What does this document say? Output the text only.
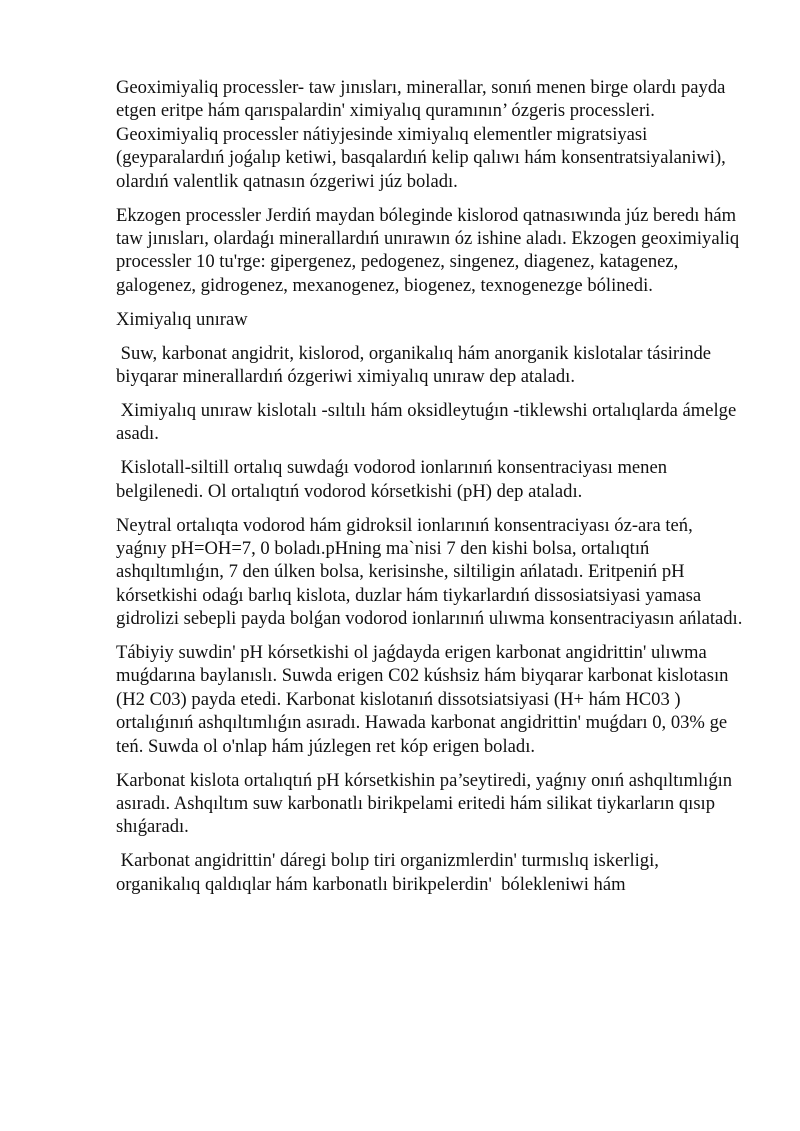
Geoximiyaliq processler- taw jınısları, minerallar, sonıń menen birge olardı payda etgen eritpe hám qarıspalardin' ximiyalıq quramının’ ózgeris processleri. Geoximiyaliq processler nátiyjesinde ximiyalıq elementler migratsiyasi (geyparalardıń joǵalıp ketiwi, basqalardıń kelip qalıwı hám konsentratsiyalaniwi), olardıń valentlik qatnasın ózgeriwi júz boladı.

Ekzogen processler Jerdiń maydan bóleginde kislorod qatnasıwında júz beredı hám taw jınısları, olardaǵı minerallardıń unırawın óz ishine aladı. Ekzogen geoximiyaliq processler 10 tu'rge: gipergenez, pedogenez, singenez, diagenez, katagenez, galogenez, gidrogenez, mexanogenez, biogenez, texnogenezge bólinedi.

Ximiyalıq unıraw

Suw, karbonat angidrit, kislorod, organikalıq hám anorganik kislotalar tásirinde biyqarar minerallardıń ózgeriwi ximiyalıq unıraw dep ataladı.

Ximiyalıq unıraw kislotalı -sıltılı hám oksidleytuǵın -tiklewshi ortalıqlarda ámelge asadı.

Kislotall-siltill ortalıq suwdaǵı vodorod ionlarınıń konsentraciyası menen belgilenedi. Ol ortalıqtıń vodorod kórsetkishi (pH) dep ataladı.

Neytral ortalıqta vodorod hám gidroksil ionlarınıń konsentraciyası óz-ara teń, yaǵnıy pH=OH=7, 0 boladı.pHning ma`nisi 7 den kishi bolsa, ortalıqtıń ashqıltımlıǵın, 7 den úlken bolsa, kerisinshe, siltiligin ańlatadı. Eritpeniń pH kórsetkishi odaǵı barlıq kislota, duzlar hám tiykarlardıń dissosiatsiyasi yamasa gidrolizi sebepli payda bolǵan vodorod ionlarınıń ulıwma konsentraciyasın ańlatadı.

Tábiyiy suwdin' pH kórsetkishi ol jaǵdayda erigen karbonat angidrittin' ulıwma muǵdarına baylanıslı. Suwda erigen C02 kúshsiz hám biyqarar karbonat kislotasın (H2 C03) payda etedi. Karbonat kislotanıń dissotsiatsiyasi (H+ hám HC03 ) ortalıǵınıń ashqıltımlıǵın asıradı. Hawada karbonat angidrittin' muǵdarı 0, 03% ge teń. Suwda ol o'nlap hám júzlegen ret kóp erigen boladı.

Karbonat kislota ortalıqtıń pH kórsetkishin pa’seytiredi, yaǵnıy onıń ashqıltımlıǵın asıradı. Ashqıltım suw karbonatlı birikpelami eritedi hám silikat tiykarların qısıp shıǵaradı.

Karbonat angidrittin' dáregi bolıp tiri organizmlerdin' turmıslıq iskerligi, organikalıq qaldıqlar hám karbonatlı birikpelerdin'  bólekleniwi hám
